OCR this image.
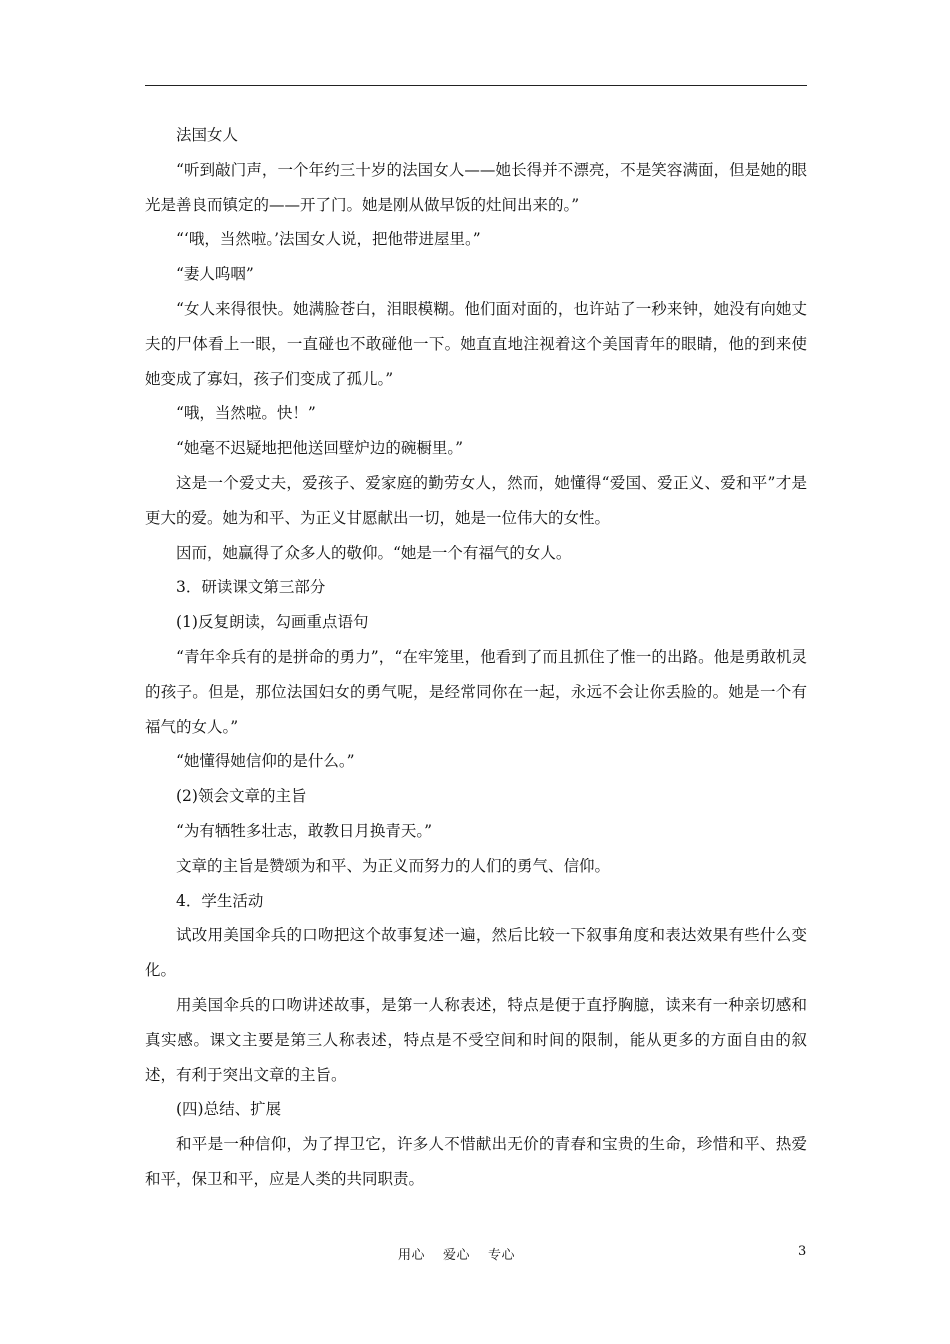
法国女人

“听到敲门声，一个年约三十岁的法国女人——她长得并不漂亮，不是笑容满面，但是她的眼光是善良而镇定的——开了门。她是刚从做早饭的灶间出来的。”

“‘哦，当然啦。’法国女人说，把他带进屋里。”

“妻人呜咽”

“女人来得很快。她满脸苍白，泪眼模糊。他们面对面的，也许站了一秒来钟，她没有向她丈夫的尸体看上一眼，一直碰也不敢碰他一下。她直直地注视着这个美国青年的眼睛，他的到来使她变成了寡妇，孩子们变成了孤儿。”

“哦，当然啦。快！”

“她毫不迟疑地把他送回壁炉边的碗橱里。”

这是一个爱丈夫，爱孩子、爱家庭的勤劳女人，然而，她懂得“爱国、爱正义、爱和平”才是更大的爱。她为和平、为正义甘愿献出一切，她是一位伟大的女性。

因而，她赢得了众多人的敬仰。“她是一个有福气的女人。

3．研读课文第三部分

(1)反复朗读，勾画重点语句

“青年伞兵有的是拼命的勇力”，“在牢笼里，他看到了而且抓住了惟一的出路。他是勇敢机灵的孩子。但是，那位法国妇女的勇气呢，是经常同你在一起，永远不会让你丢脸的。她是一个有福气的女人。”

“她懂得她信仰的是什么。”

(2)领会文章的主旨

“为有牺牲多壮志，敢教日月换青天。”

文章的主旨是赞颂为和平、为正义而努力的人们的勇气、信仰。

4．学生活动

试改用美国伞兵的口吻把这个故事复述一遍，然后比较一下叙事角度和表达效果有些什么变化。

用美国伞兵的口吻讲述故事，是第一人称表述，特点是便于直抒胸臆，读来有一种亲切感和真实感。课文主要是第三人称表述，特点是不受空间和时间的限制，能从更多的方面自由的叙述，有利于突出文章的主旨。

(四)总结、扩展

和平是一种信仰，为了捍卫它，许多人不惜献出无价的青春和宝贵的生命，珍惜和平、热爱和平，保卫和平，应是人类的共同职责。

用心 爱心 专心	3
